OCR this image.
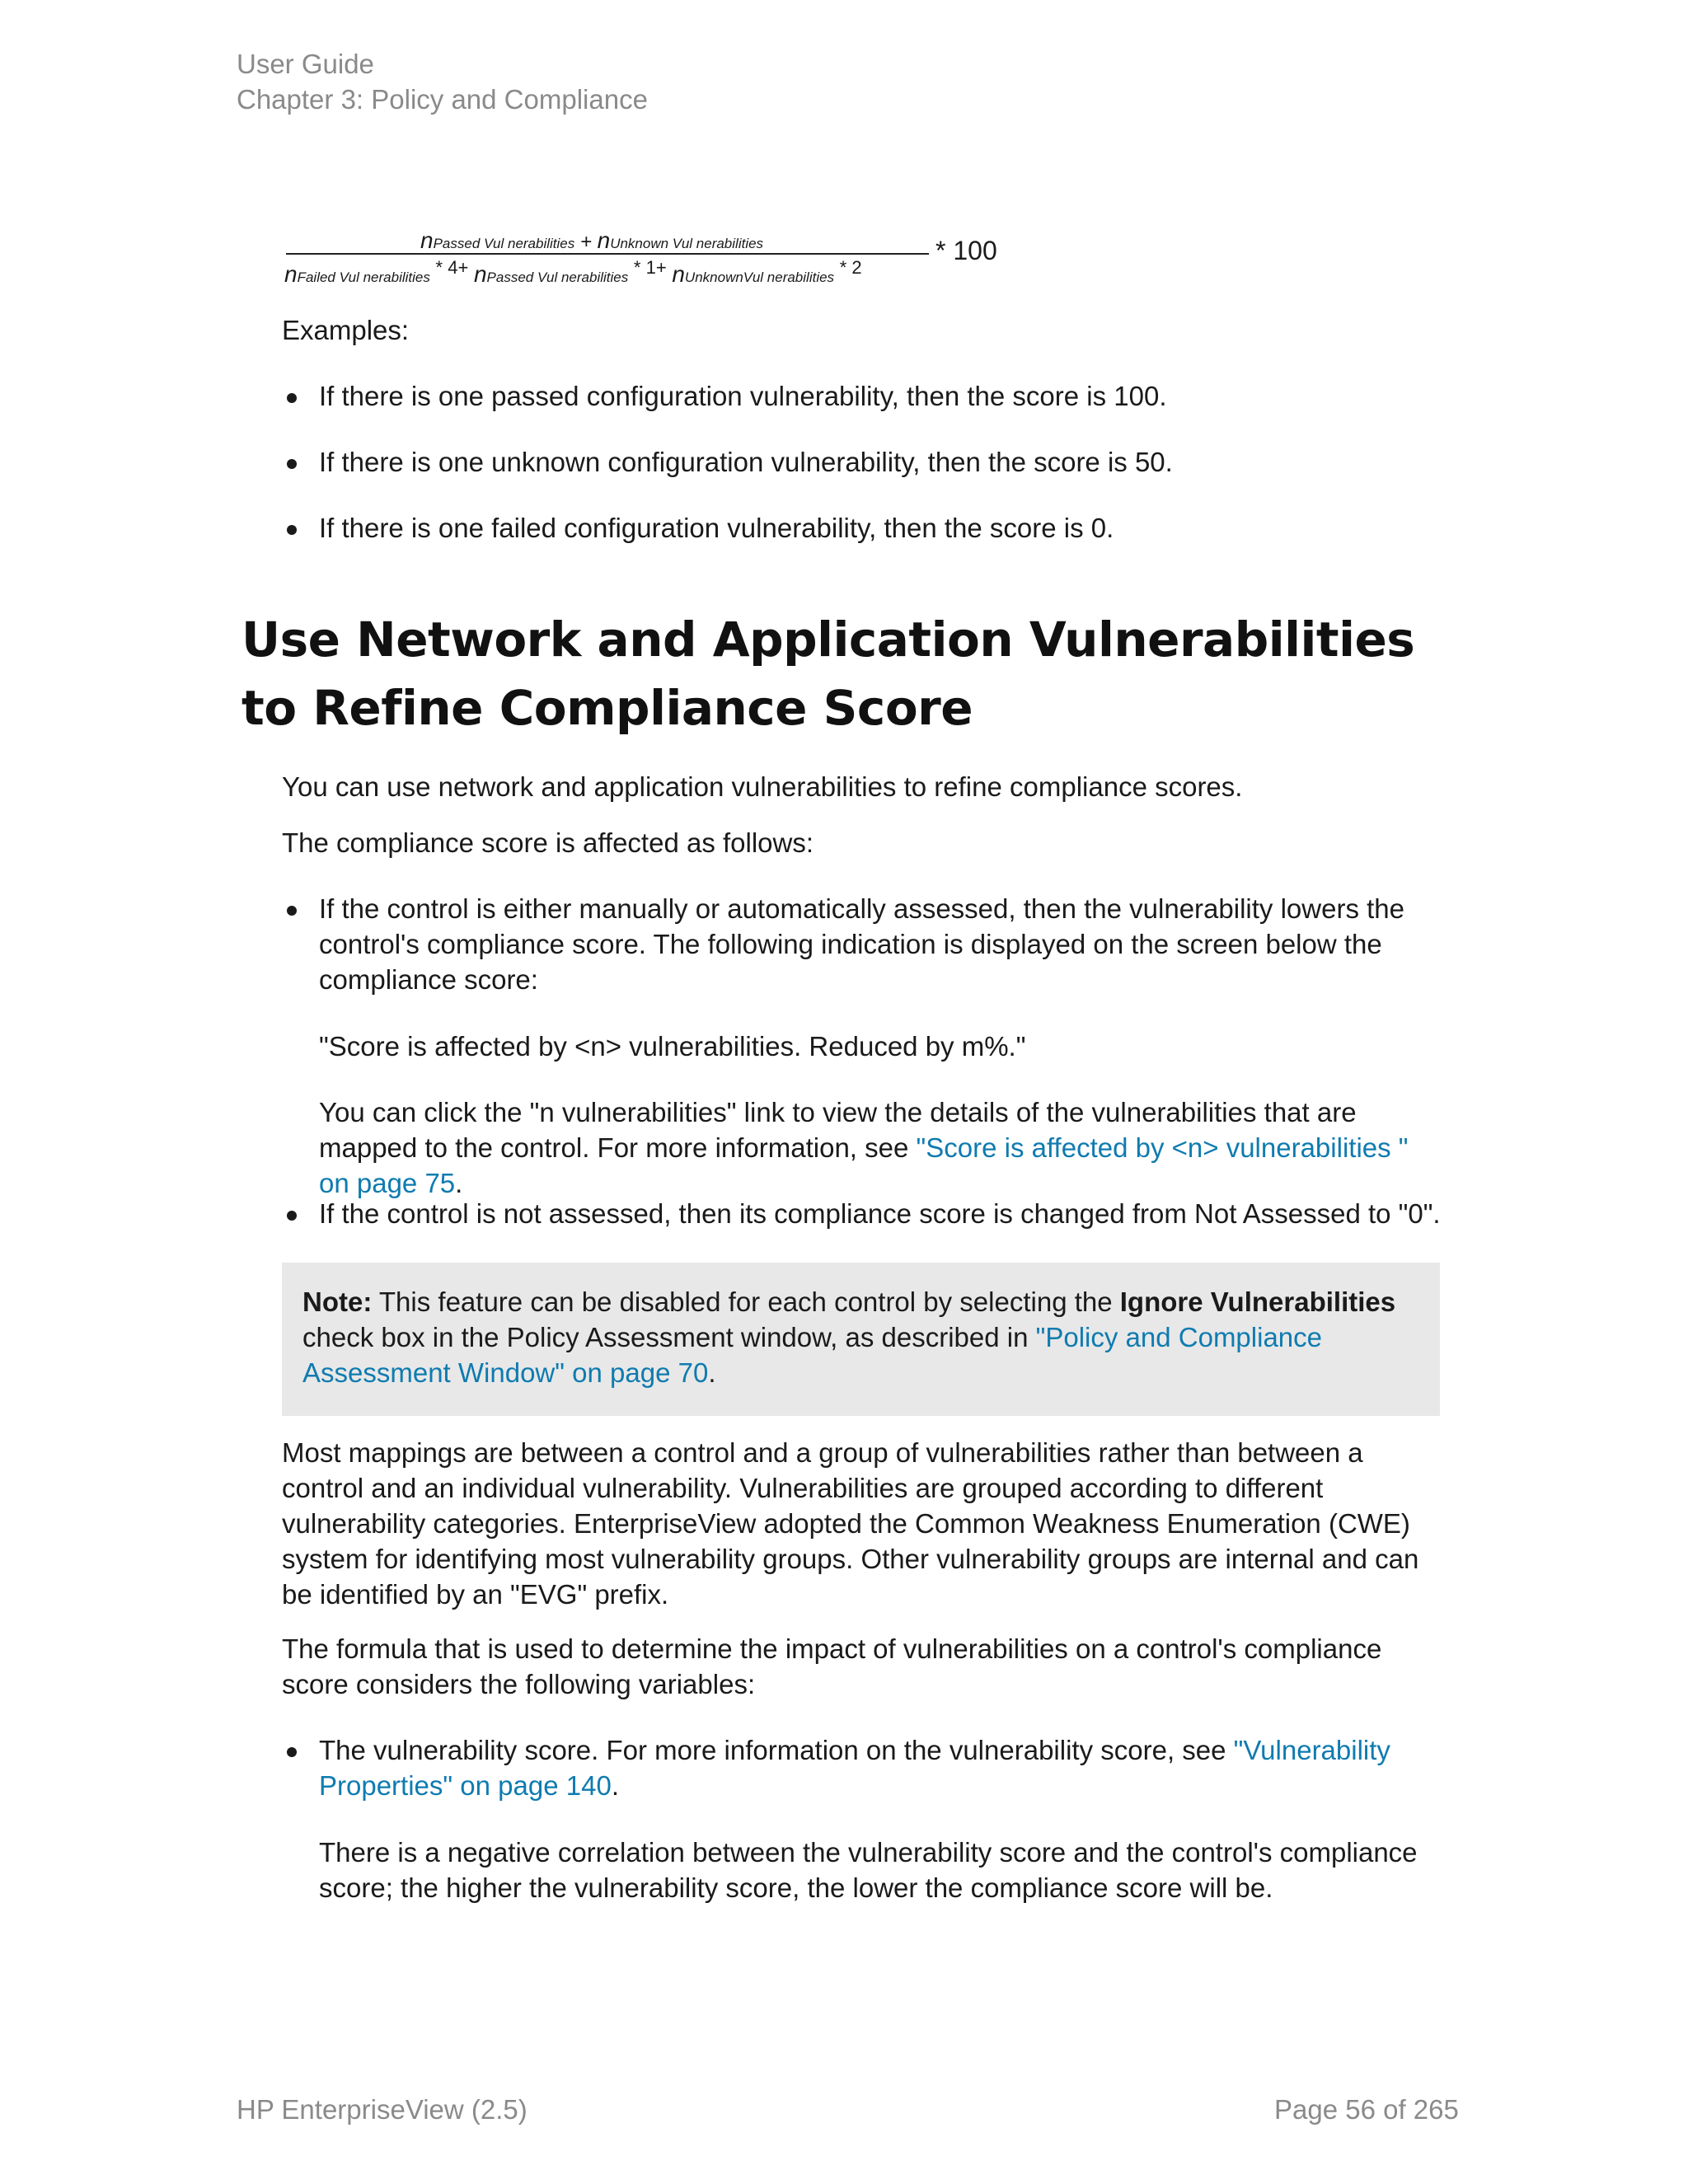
User Guide
Chapter 3: Policy and Compliance
nPassed Vul nerabilities + nUnknown Vul nerabilities
nFailed Vul nerabilities * 4+ nPassed Vul nerabilities * 1+ nUnknownVul nerabilities * 2
* 100
Examples:
If there is one passed configuration vulnerability, then the score is 100.
If there is one unknown configuration vulnerability, then the score is 50.
If there is one failed configuration vulnerability, then the score is 0.
Use Network and Application Vulnerabilities to Refine Compliance Score
You can use network and application vulnerabilities to refine compliance scores.
The compliance score is affected as follows:
If the control is either manually or automatically assessed, then the vulnerability lowers the control's compliance score. The following indication is displayed on the screen below the compliance score:
"Score is affected by <n> vulnerabilities. Reduced by m%."
You can click the "n vulnerabilities" link to view the details of the vulnerabilities that are mapped to the control. For more information, see "Score is affected by <n> vulnerabilities " on page 75.
If the control is not assessed, then its compliance score is changed from Not Assessed to "0".

Note: This feature can be disabled for each control by selecting the Ignore Vulnerabilities check box in the Policy Assessment window, as described in "Policy and Compliance Assessment Window" on page 70.

Most mappings are between a control and a group of vulnerabilities rather than between a control and an individual vulnerability. Vulnerabilities are grouped according to different vulnerability categories. EnterpriseView adopted the Common Weakness Enumeration (CWE) system for identifying most vulnerability groups. Other vulnerability groups are internal and can be identified by an "EVG" prefix.
The formula that is used to determine the impact of vulnerabilities on a control's compliance score considers the following variables:
The vulnerability score. For more information on the vulnerability score, see "Vulnerability Properties" on page 140.
There is a negative correlation between the vulnerability score and the control's compliance score; the higher the vulnerability score, the lower the compliance score will be.
HP EnterpriseView (2.5)	Page 56 of 265
